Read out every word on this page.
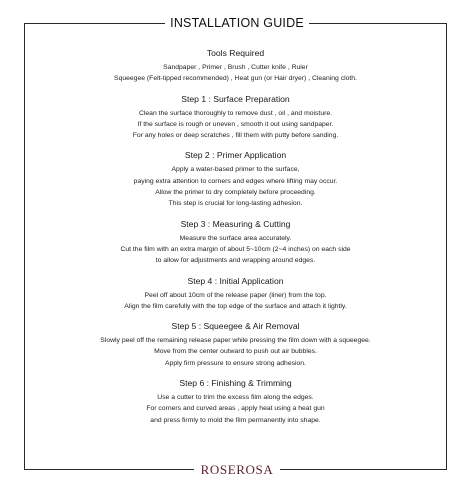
INSTALLATION GUIDE
Tools Required
Sandpaper , Primer , Brush , Cutter knife , Ruler
Squeegee (Felt-tipped recommended) , Heat gun (or Hair dryer) , Cleaning cloth.
Step 1 : Surface Preparation
Clean the surface thoroughly to remove dust , oil , and moisture.
If the surface is rough or uneven , smooth it out using sandpaper.
For any holes or deep scratches , fill them with putty before sanding.
Step 2 : Primer Application
Apply a water-based primer to the surface,
paying extra attention to corners and edges where lifting may occur.
Allow the primer to dry completely before proceeding.
This step is crucial for long-lasting adhesion.
Step 3 : Measuring & Cutting
Measure the surface area accurately.
Cut the film with an extra margin of about 5~10cm (2~4 inches) on each side
to allow for adjustments and wrapping around edges.
Step 4 : Initial Application
Peel off about 10cm of the release paper (liner) from the top.
Align the film carefully with the top edge of the surface and attach it lightly.
Step 5 : Squeegee & Air Removal
Slowly peel off the remaining release paper while pressing the film down with a squeegee.
Move from the center outward to push out air bubbles.
Apply firm pressure to ensure strong adhesion.
Step 6 : Finishing & Trimming
Use a cutter to trim the excess film along the edges.
For corners and curved areas , apply heat using a heat gun
and press firmly to mold the film permanently into shape.
ROSEROSA
